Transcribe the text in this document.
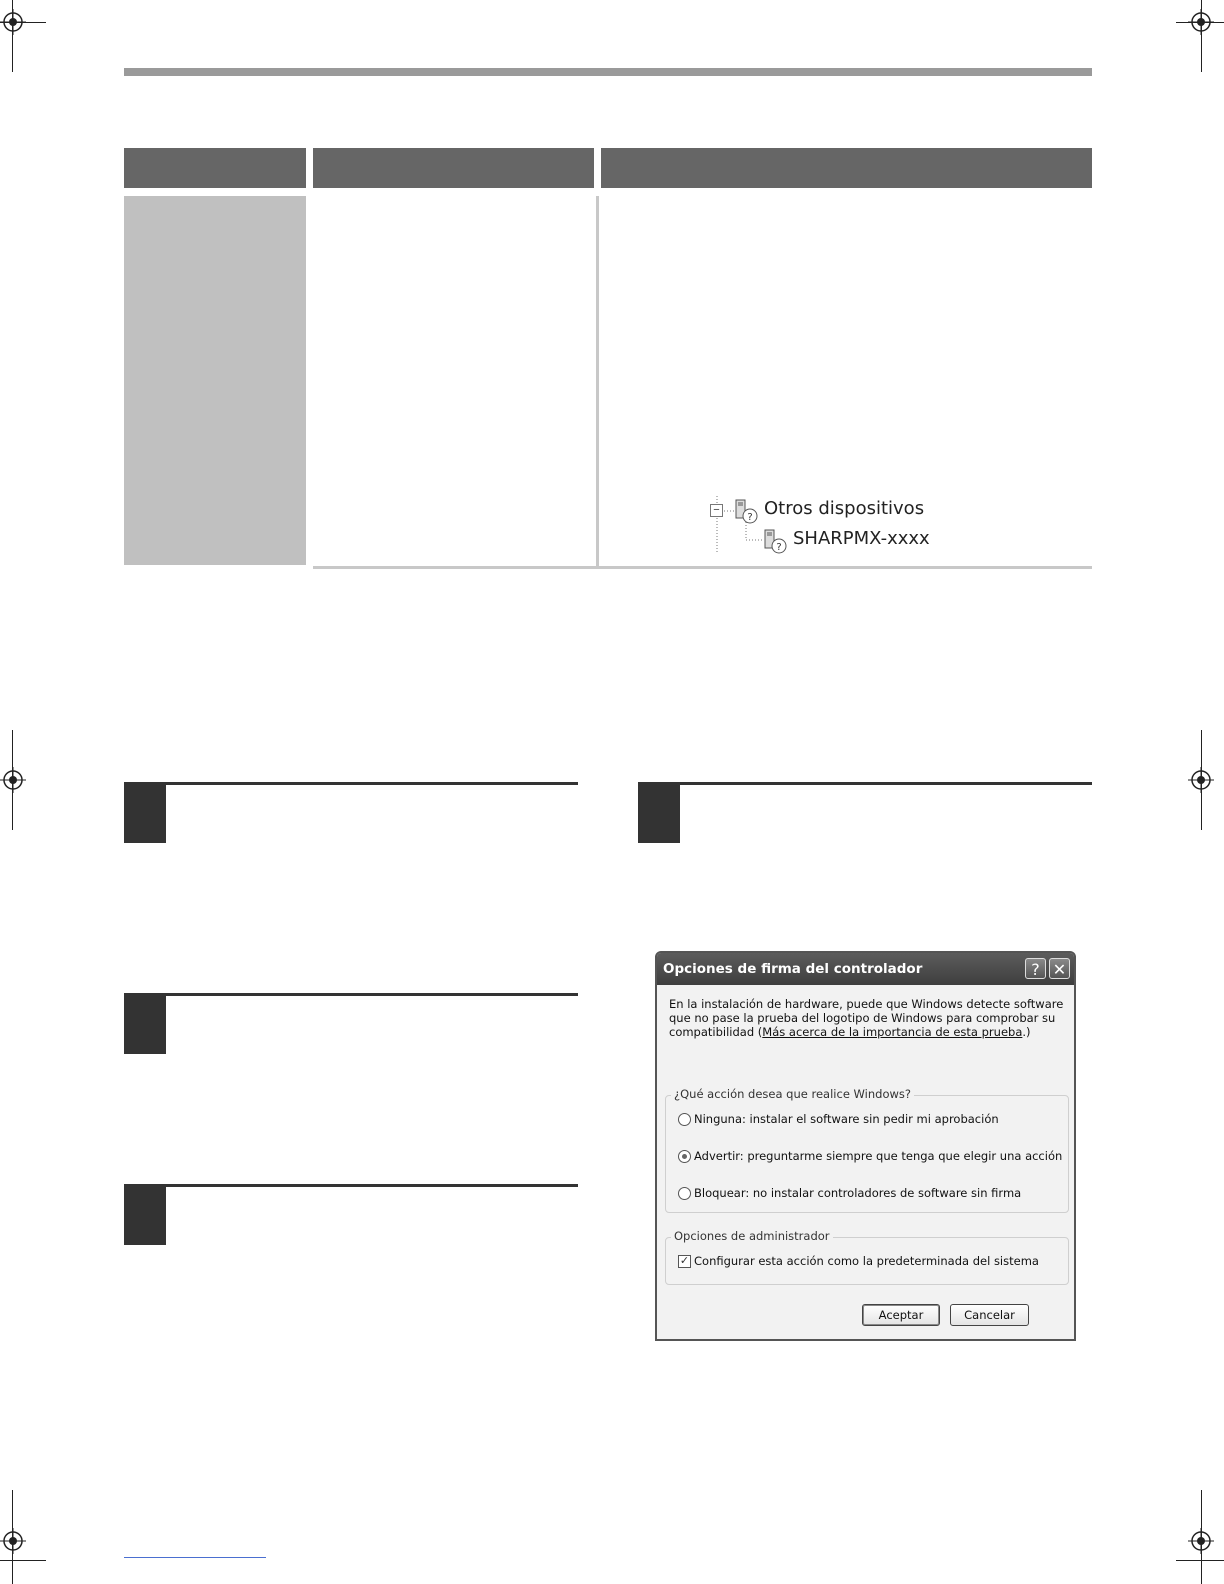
−
? Otros dispositivos
? SHARPMX-xxxx
Opciones de firma del controlador	? ✕
En la instalación de hardware, puede que Windows detecte software
que no pase la prueba del logotipo de Windows para comprobar su
compatibilidad (Más acerca de la importancia de esta prueba.)
¿Qué acción desea que realice Windows?
Ninguna: instalar el software sin pedir mi aprobación
Advertir: preguntarme siempre que tenga que elegir una acción
Bloquear: no instalar controladores de software sin firma
Opciones de administrador
✓ Configurar esta acción como la predeterminada del sistema
Aceptar	Cancelar
